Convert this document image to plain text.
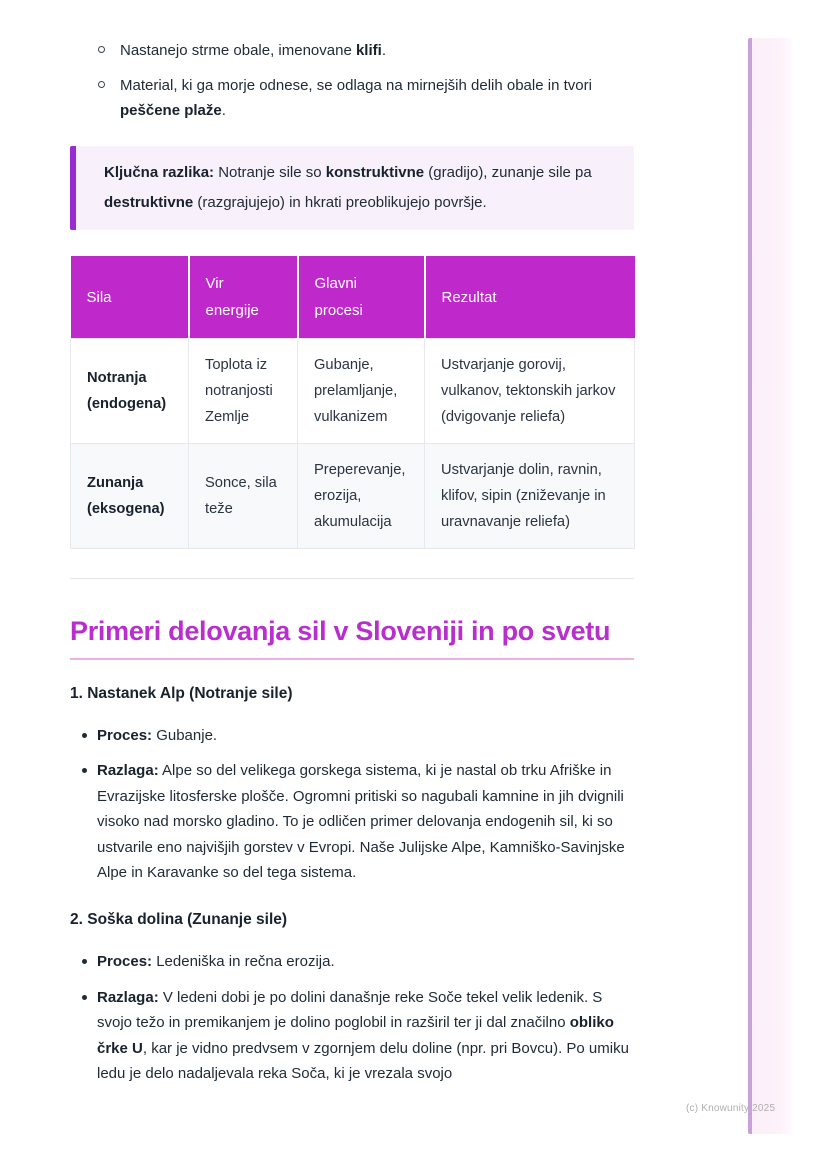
Nastanejo strme obale, imenovane klifi.
Material, ki ga morje odnese, se odlaga na mirnejših delih obale in tvori peščene plaže.

Ključna razlika: Notranje sile so konstruktivne (gradijo), zunanje sile pa destruktivne (razgrajujejo) in hkrati preoblikujejo površje.

Sila	Vir energije	Glavni procesi	Rezultat
Notranja (endogena)	Toplota iz notranjosti Zemlje	Gubanje, prelamljanje, vulkanizem	Ustvarjanje gorovij, vulkanov, tektonskih jarkov (dvigovanje reliefa)
Zunanja (eksogena)	Sonce, sila teže	Preperevanje, erozija, akumulacija	Ustvarjanje dolin, ravnin, klifov, sipin (zniževanje in uravnavanje reliefa)
Primeri delovanja sil v Sloveniji in po svetu
1. Nastanek Alp (Notranje sile)
Proces: Gubanje.
Razlaga: Alpe so del velikega gorskega sistema, ki je nastal ob trku Afriške in Evrazijske litosferske plošče. Ogromni pritiski so nagubali kamnine in jih dvignili visoko nad morsko gladino. To je odličen primer delovanja endogenih sil, ki so ustvarile eno najvišjih gorstev v Evropi. Naše Julijske Alpe, Kamniško-Savinjske Alpe in Karavanke so del tega sistema.
2. Soška dolina (Zunanje sile)
Proces: Ledeniška in rečna erozija.
Razlaga: V ledeni dobi je po dolini današnje reke Soče tekel velik ledenik. S svojo težo in premikanjem je dolino poglobil in razširil ter ji dal značilno obliko črke U, kar je vidno predvsem v zgornjem delu doline (npr. pri Bovcu). Po umiku ledu je delo nadaljevala reka Soča, ki je vrezala svojo
(c) Knowunity 2025
